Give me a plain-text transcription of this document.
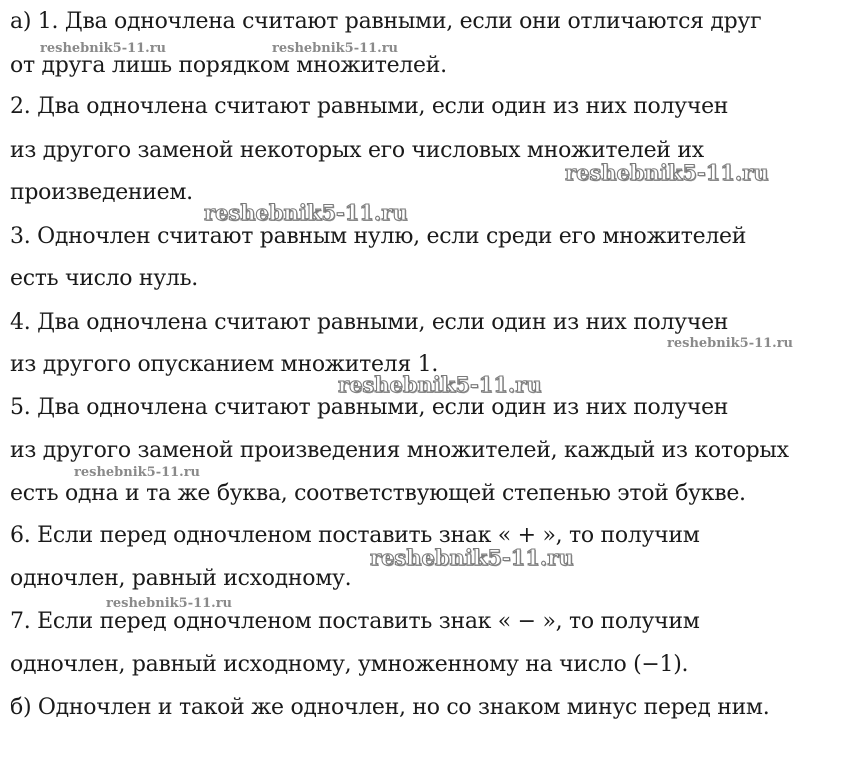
а) 1. Два одночлена считают равными, если они отличаются друг
от друга лишь порядком множителей.
2. Два одночлена считают равными, если один из них получен
из другого заменой некоторых его числовых множителей их
произведением.
3. Одночлен считают равным нулю, если среди его множителей
есть число нуль.
4. Два одночлена считают равными, если один из них получен
из другого опусканием множителя 1.
5. Два одночлена считают равными, если один из них получен
из другого заменой произведения множителей, каждый из которых
есть одна и та же буква, соответствующей степенью этой букве.
6. Если перед одночленом поставить знак « + », то получим
одночлен, равный исходному.
7. Если перед одночленом поставить знак « − », то получим
одночлен, равный исходному, умноженному на число (−1).
б) Одночлен и такой же одночлен, но со знаком минус перед ним.
reshebnik5-11.ru	reshebnik5-11.ru
reshebnik5-11.ru
reshebnik5-11.ru
reshebnik5-11.ru
reshebnik5-11.ru
reshebnik5-11.ru
reshebnik5-11.ru
reshebnik5-11.ru
